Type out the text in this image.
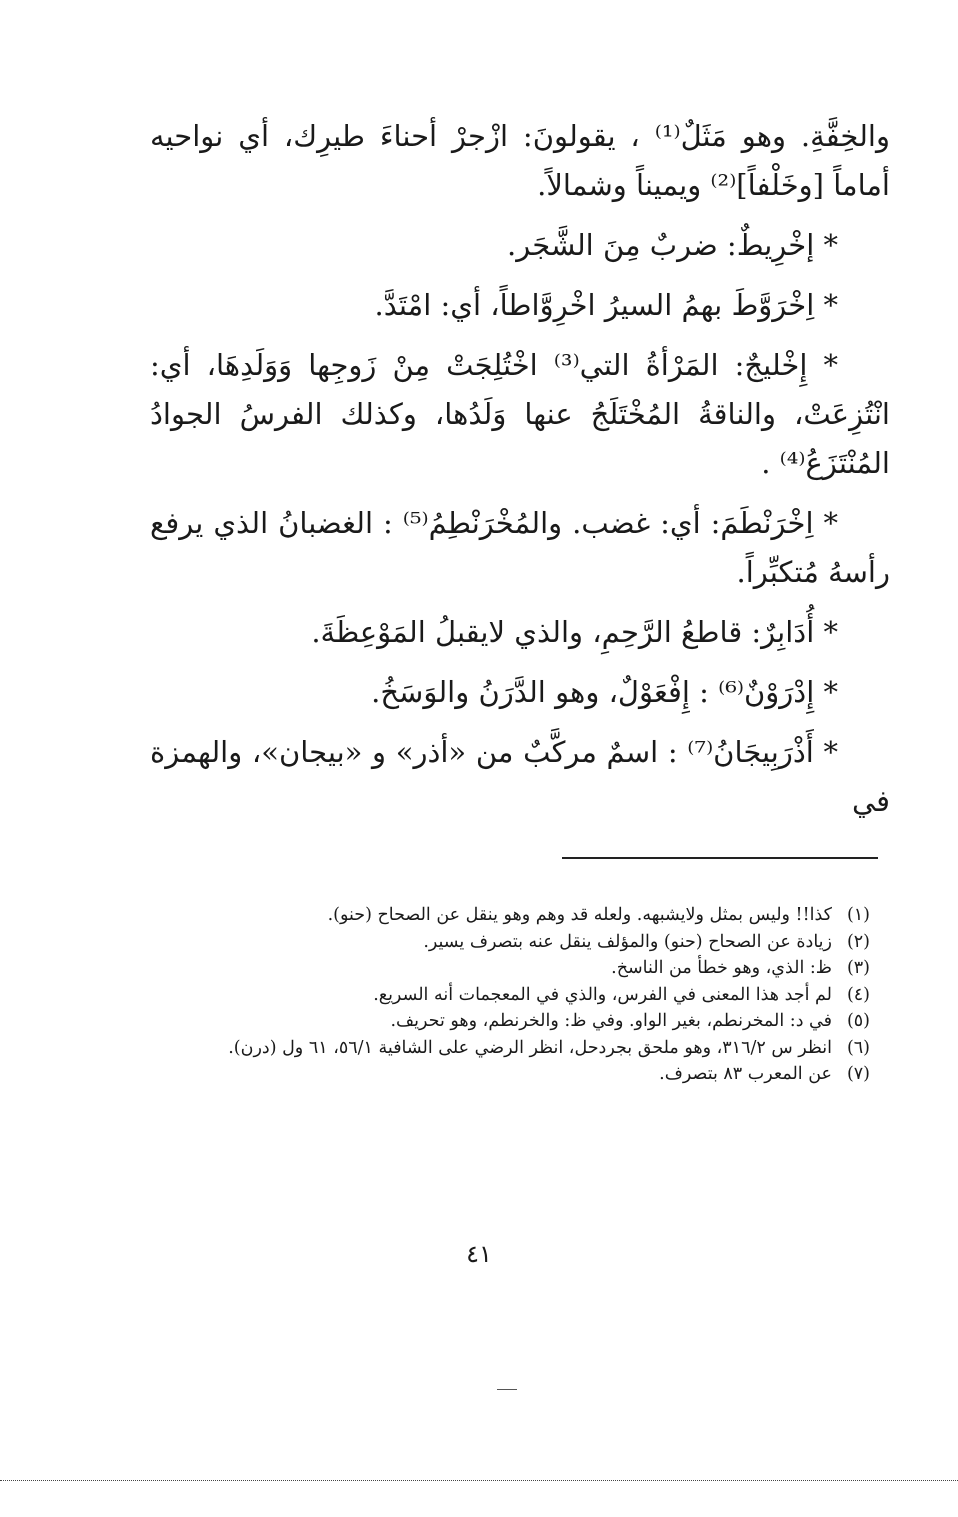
والخِفَّةِ. وهو مَثَلٌ⁽¹⁾ ، يقولونَ: ازْجرْ أحناءَ طيرِك، أي نواحيه أماماً [وخَلْفاً]⁽²⁾ ويميناً وشمالاً.

* إخْرِيطٌ: ضربٌ مِنَ الشَّجَر.

* اِخْرَوَّطَ بهمُ السيرُ اخْرِوَّاطاً، أي: امْتَدَّ.

* إِخْليجٌ: المَرْأةُ التي⁽³⁾ اخْتُلِجَتْ مِنْ زَوجِها وَوَلَدِهَا، أي: انْتُزِعَتْ، والناقةُ المُخْتَلَجُ عنها وَلَدُها، وكذلك الفرسُ الجوادُ المُنْتَزَعُ⁽⁴⁾ .

* اِخْرَنْطَمَ: أي: غضب. والمُخْرَنْطِمُ⁽⁵⁾ : الغضبانُ الذي يرفع رأسهُ مُتكبِّراً.

* أُدَابِرٌ: قاطعُ الرَّحِمِ، والذي لايقبلُ المَوْعِظَةَ.

* إِدْرَوْنٌ⁽⁶⁾ : إِفْعَوْلٌ، وهو الدَّرَنُ والوَسَخُ.

* أَذْرَبِيجَانُ⁽⁷⁾ : اسمٌ مركَّبٌ من «أذر» و «بيجان»، والهمزة في

(١)
كذا!! وليس بمثل ولايشبهه. ولعله قد وهم وهو ينقل عن الصحاح (حنو).
(٢)
زيادة عن الصحاح (حنو) والمؤلف ينقل عنه بتصرف يسير.
(٣)
ظ: الذي، وهو خطأ من الناسخ.
(٤)
لم أجد هذا المعنى في الفرس، والذي في المعجمات أنه السريع.
(٥)
في د: المخرنطم، بغير الواو. وفي ظ: والخرنطم، وهو تحريف.
(٦)
انظر س ٣١٦/٢، وهو ملحق بجردحل، انظر الرضي على الشافية ٥٦/١، ٦١ ول (درن).
(٧)
عن المعرب ٨٣ بتصرف.
٤١
